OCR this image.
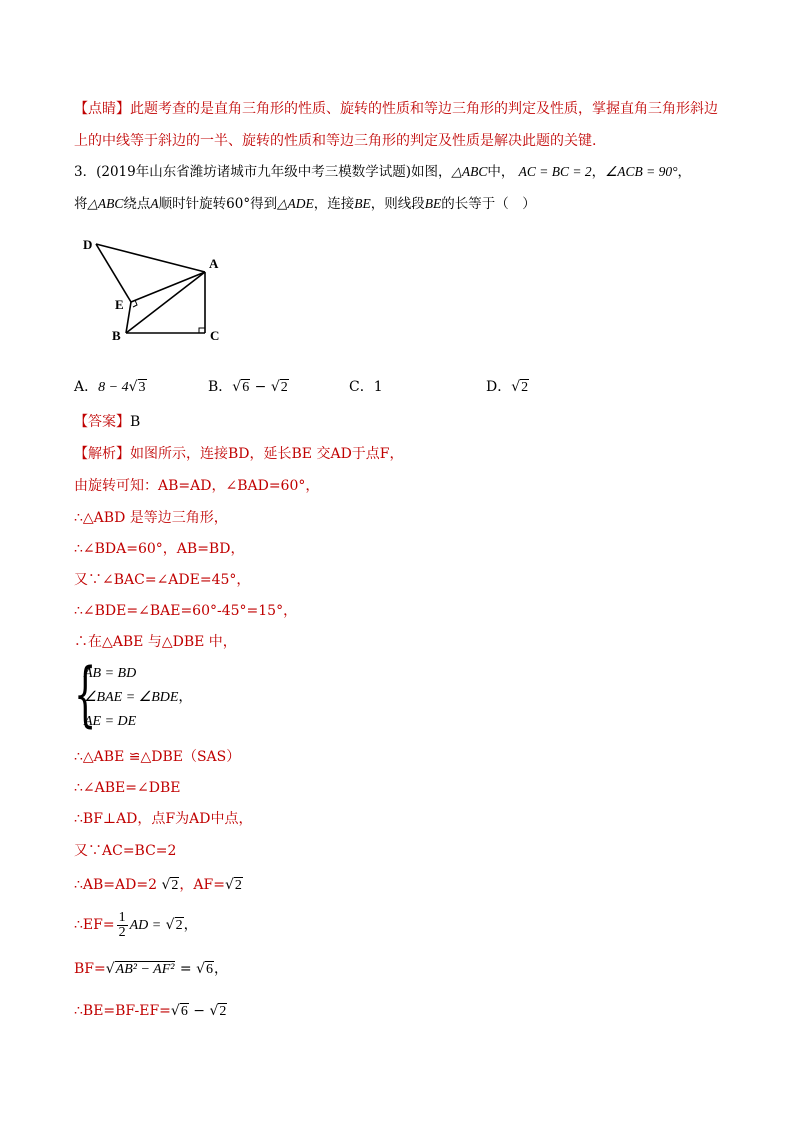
【点睛】此题考查的是直角三角形的性质、旋转的性质和等边三角形的判定及性质，掌握直角三角形斜边
上的中线等于斜边的一半、旋转的性质和等边三角形的判定及性质是解决此题的关键.
3．(2019年山东省潍坊诸城市九年级中考三模数学试题)如图，△ABC中， AC = BC = 2，∠ACB = 90°，
将△ABC绕点A顺时针旋转60°得到△ADE，连接BE，则线段BE的长等于（　）
D
A
E
B	C
A．8 − 4√3	B．√6 − √2	C．1	D．√2
【答案】B
【解析】如图所示，连接BD，延长BE 交AD于点F，
由旋转可知：AB=AD，∠BAD=60°，
∴△ABD 是等边三角形，
∴∠BDA=60°，AB=BD，
又∵∠BAC=∠ADE=45°，
∴∠BDE=∠BAE=60°-45°=15°，
∴在△ABE 与△DBE 中，
{
AB = BD
∠BAE = ∠BDE，
AE = DE
∴△ABE ≌△DBE（SAS）
∴∠ABE=∠DBE
∴BF⊥AD，点F为AD中点，
又∵AC=BC=2
∴AB=AD=2 √2，AF=√2
∴EF= $\frac{1}{2}$ AD = √2，
BF=√AB² − AF² = √6，
∴BE=BF-EF=√6 − √2
